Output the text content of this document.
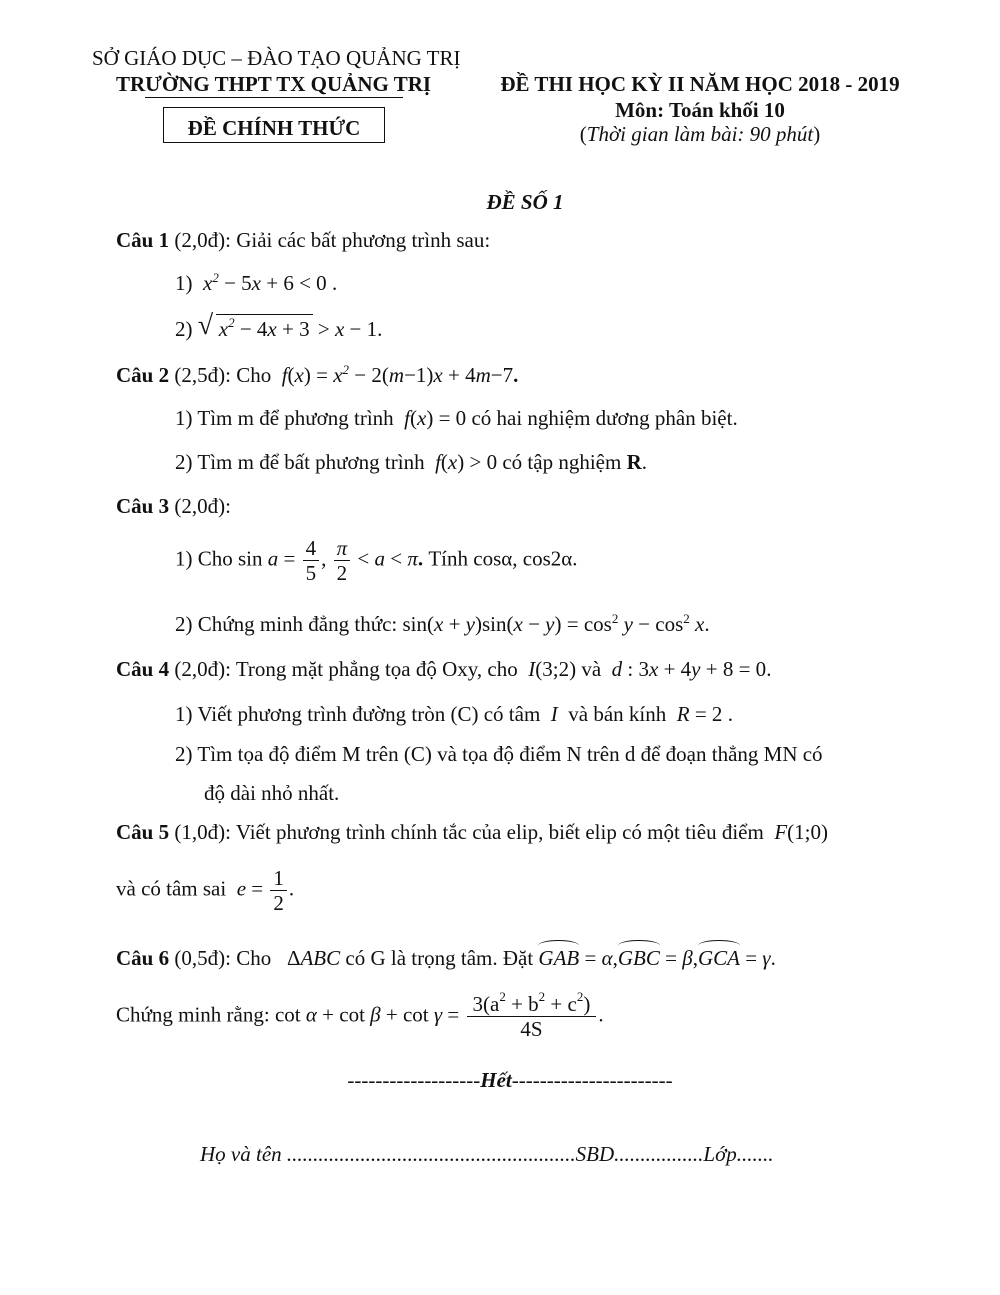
SỞ GIÁO DỤC – ĐÀO TẠO QUẢNG TRỊ
TRƯỜNG THPT TX QUẢNG TRỊ
ĐỀ CHÍNH THỨC
ĐỀ THI HỌC KỲ II NĂM HỌC 2018 - 2019
Môn: Toán khối 10
(Thời gian làm bài: 90 phút)
ĐỀ SỐ 1
Câu 1 (2,0đ): Giải các bất phương trình sau:
1)  $x^2 - 5x + 6 < 0$ .
2) √ $x^2 - 4x + 3 > x - 1$.
Câu 2 (2,5đ): Cho  $f(x) = x^2 - 2(m-1)x + 4m-7$.
1) Tìm m để phương trình  f(x) = 0 có hai nghiệm dương phân biệt.
2) Tìm m để bất phương trình  f(x) > 0 có tập nghiệm R.
Câu 3 (2,0đ):
1) Cho $\sin a = \frac{4}{5}$ , $\frac{\pi}{2} < a < \pi$. Tính cosα, cos2α.
2) Chứng minh đẳng thức: $\sin(x + y)\sin(x - y) = \cos^2 y - \cos^2 x$.
Câu 4 (2,0đ): Trong mặt phẳng tọa độ Oxy, cho  I(3;2) và  d : 3x + 4y + 8 = 0.
1) Viết phương trình đường tròn (C) có tâm  I  và bán kính  R = 2 .
2) Tìm tọa độ điểm M trên (C) và tọa độ điểm N trên d để đoạn thẳng MN có
độ dài nhỏ nhất.
Câu 5 (1,0đ): Viết phương trình chính tắc của elip, biết elip có một tiêu điểm  F(1;0)
và có tâm sai  $e = \frac{1}{2}$ .
Câu 6 (0,5đ): Cho ΔABC có G là trọng tâm. Đặt GAB = α,GBC = β,GCA = γ.
Chứng minh rằng: $\cot \alpha + \cot \beta + \cot \gamma = \frac{3(a^2 + b^2 + c^2)}{4S}$ .
-------------------Hết-----------------------
Họ và tên .......................................................SBD.................Lớp.......
